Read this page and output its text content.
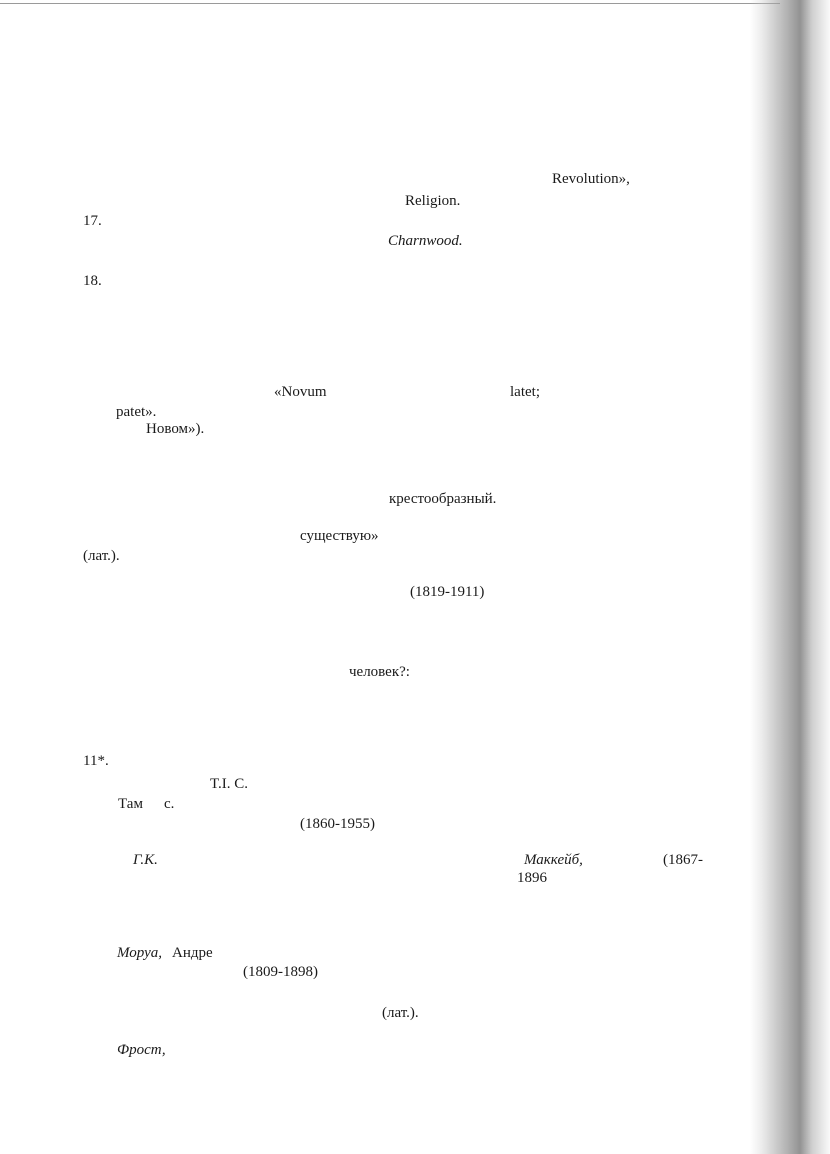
Revolution»,
Religion.
17.
Charnwood.
18.
«Novum	latet;
patet».
Новом»).
крестообразный.
существую»
(лат.).
(1819-1911)
человек?:
11*.
T.I. C.
Там с.
(1860-1955)
Г.К.	Маккейб,	(1867-
1896
Моруа, Андре
(1809-1898)
(лат.).
Фрост,
